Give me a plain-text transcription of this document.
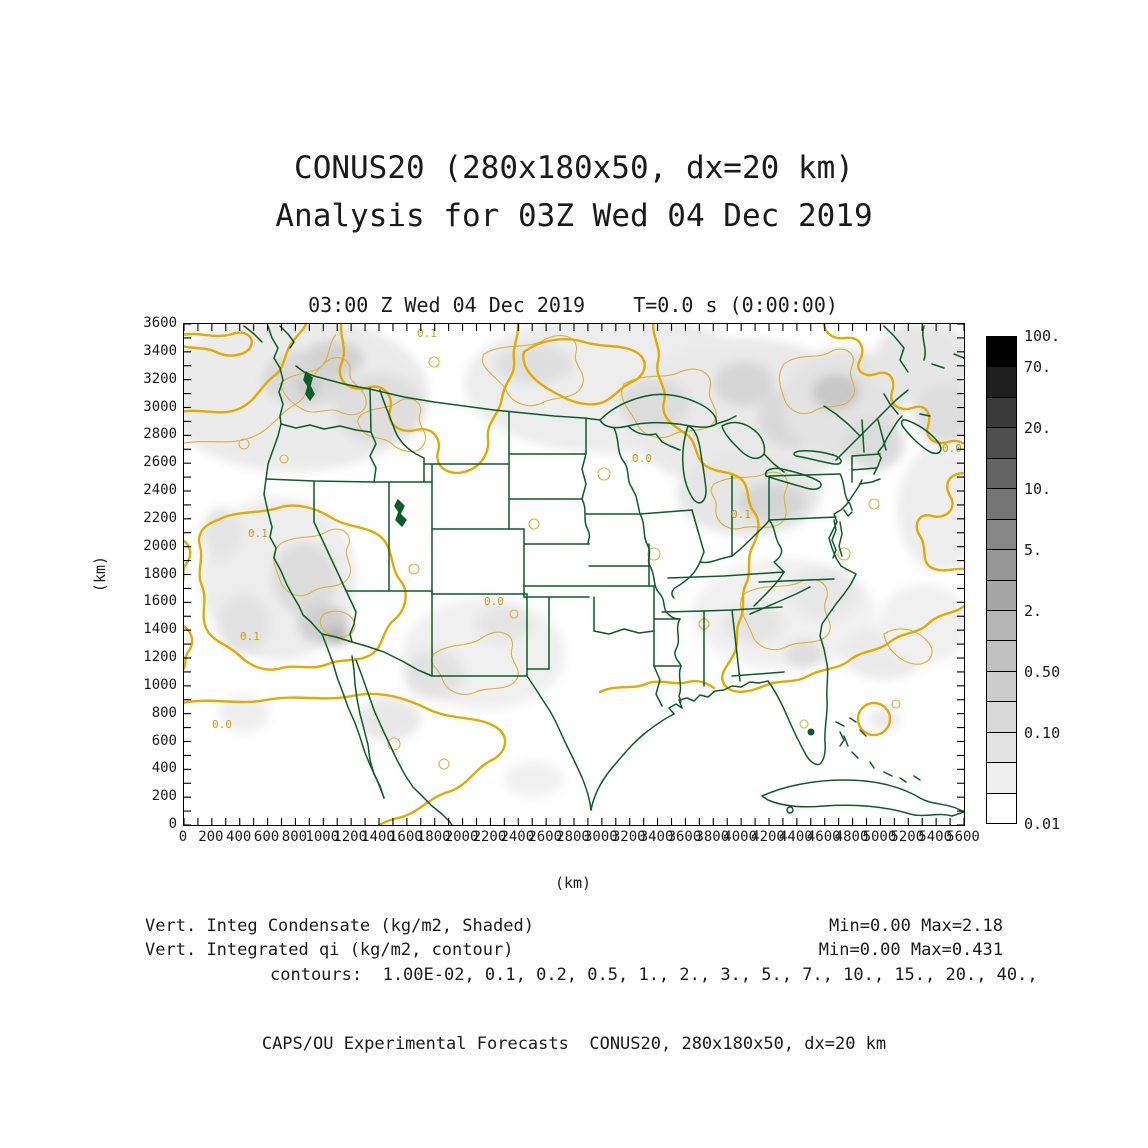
CONUS20 (280x180x50, dx=20 km)
Analysis for 03Z Wed 04 Dec 2019
03:00 Z Wed 04 Dec 2019    T=0.0 s (0:00:00)
0.1
0.1
0.1
0.1
0.0
0.0
0.0
0.0
0 200 400 600 800
1000
1200
1400
1600
1800
2000
2200
2400
2600
2800
3000
3200
3400
3600
3800
4000
4200
4400
4600
4800
5000
5200
5400
5600
0
200
400
600
800
1000
1200
1400
1600
1800
2000
2200
2400
2600
2800
3000
3200
3400
3600
(km)
(km)
100.
70.
20.
10.
5.
2.
0.50
0.10
0.01
Vert. Integ Condensate (kg/m2, Shaded)	Min=0.00 Max=2.18
Vert. Integrated qi (kg/m2, contour)	Min=0.00 Max=0.431
contours:  1.00E-02, 0.1, 0.2, 0.5, 1., 2., 3., 5., 7., 10., 15., 20., 40.,
CAPS/OU Experimental Forecasts  CONUS20, 280x180x50, dx=20 km
